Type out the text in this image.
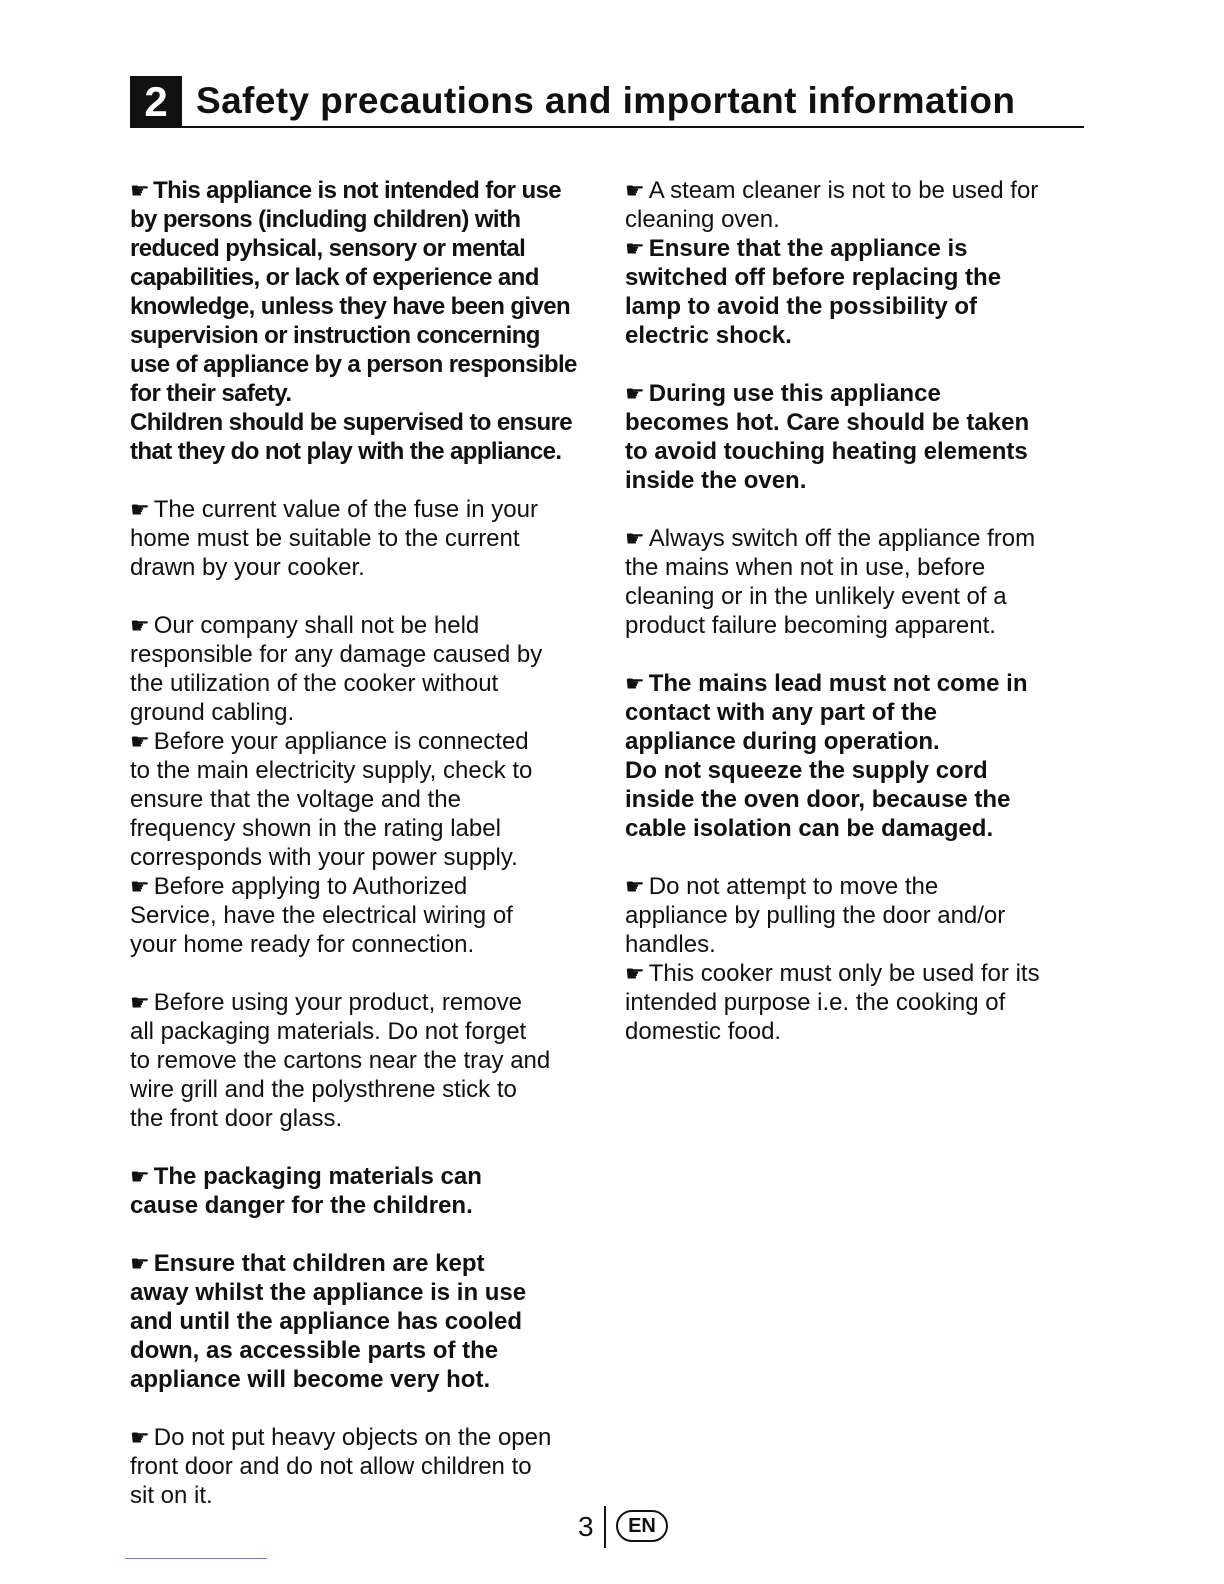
2 Safety precautions and important information
☛ This appliance is not intended for use
by persons (including children) with
reduced pyhsical, sensory or mental
capabilities, or lack of experience and
knowledge, unless they have been given
supervision or instruction concerning
use of appliance by a person responsible
for their safety.
Children should be supervised to ensure
that they do not play with the appliance.
☛ The current value of the fuse in your
home must be suitable to the current
drawn by your cooker.
☛ Our company shall not be held
responsible for any damage caused by
the utilization of the cooker without
ground cabling.
☛ Before your appliance is connected
to the main electricity supply, check to
ensure that the voltage and the
frequency shown in the rating label
corresponds with your power supply.
☛ Before applying to Authorized
Service, have the electrical wiring of
your home ready for connection.
☛ Before using your product, remove
all packaging materials. Do not forget
to remove the cartons near the tray and
wire grill and the polysthrene stick to
the front door glass.
☛ The packaging materials can
cause danger for the children.
☛ Ensure that children are kept
away whilst the appliance is in use
and until the appliance has cooled
down, as accessible parts of the
appliance will become very hot.
☛ Do not put heavy objects on the open
front door and do not allow children to
sit on it.
☛ A steam cleaner is not to be used for
cleaning oven.
☛ Ensure that the appliance is
switched off before replacing the
lamp to avoid the possibility of
electric shock.
☛ During use this appliance
becomes hot. Care should be taken
to avoid touching heating elements
inside the oven.
☛ Always switch off the appliance from
the mains when not in use, before
cleaning or in the unlikely event of a
product failure becoming apparent.
☛ The mains lead must not come in
contact with any part of the
appliance during operation.
Do not squeeze the supply cord
inside the oven door, because the
cable isolation can be damaged.
☛ Do not attempt to move the
appliance by pulling the door and/or
handles.
☛ This cooker must only be used for its
intended purpose i.e. the cooking of
domestic food.
3	EN
